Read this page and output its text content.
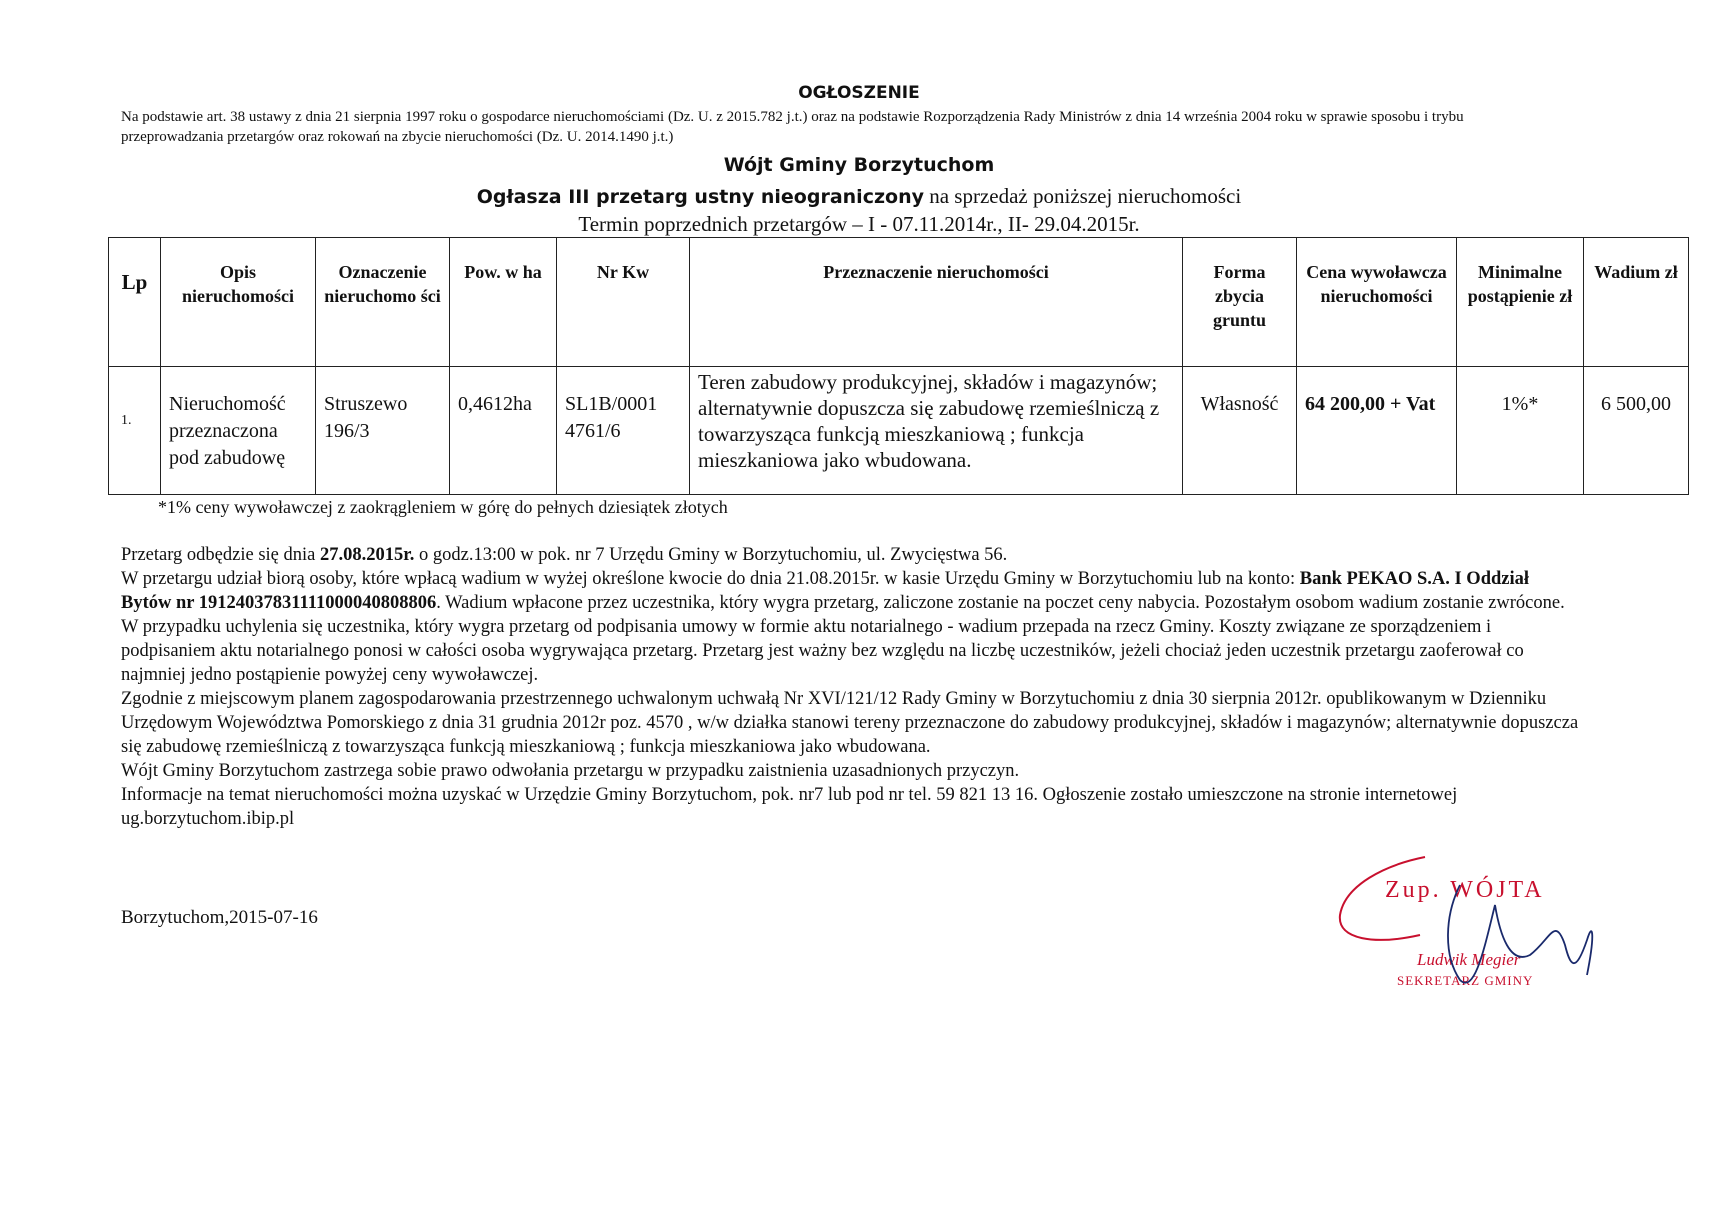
OGŁOSZENIE
Na podstawie art. 38 ustawy z dnia 21 sierpnia 1997 roku o gospodarce nieruchomościami (Dz. U. z 2015.782 j.t.) oraz na podstawie Rozporządzenia Rady Ministrów z dnia 14 września 2004 roku w sprawie sposobu i trybu przeprowadzania przetargów oraz rokowań na zbycie nieruchomości (Dz. U. 2014.1490 j.t.)
Wójt Gminy Borzytuchom
Ogłasza III przetarg ustny nieograniczony na sprzedaż poniższej nieruchomości
Termin poprzednich przetargów – I - 07.11.2014r., II- 29.04.2015r.
Lp	Opis nieruchomości	Oznaczenie nieruchomo ści	Pow. w ha	Nr Kw	Przeznaczenie nieruchomości	Forma zbycia gruntu	Cena wywoławcza nieruchomości	Minimalne postąpienie zł	Wadium zł
1.	Nieruchomość przeznaczona pod zabudowę	Struszewo 196/3	0,4612ha	SL1B/0001 4761/6	Teren zabudowy produkcyjnej, składów i magazynów; alternatywnie dopuszcza się zabudowę rzemieślniczą z towarzysząca funkcją mieszkaniową ; funkcja mieszkaniowa jako wbudowana.	Własność	64 200,00 + Vat	1%*	6 500,00
*1% ceny wywoławczej z zaokrągleniem w górę do pełnych dziesiątek złotych

Przetarg odbędzie się dnia 27.08.2015r. o godz.13:00 w pok. nr 7 Urzędu Gminy w Borzytuchomiu, ul. Zwycięstwa 56.

W przetargu udział biorą osoby, które wpłacą wadium w wyżej określone kwocie do dnia 21.08.2015r. w kasie Urzędu Gminy w Borzytuchomiu lub na konto: Bank PEKAO S.A. I Oddział Bytów nr 19124037831111000040808806. Wadium wpłacone przez uczestnika, który wygra przetarg, zaliczone zostanie na poczet ceny nabycia. Pozostałym osobom wadium zostanie zwrócone. W przypadku uchylenia się uczestnika, który wygra przetarg od podpisania umowy w formie aktu notarialnego - wadium przepada na rzecz Gminy. Koszty związane ze sporządzeniem i podpisaniem aktu notarialnego ponosi w całości osoba wygrywająca przetarg. Przetarg jest ważny bez względu na liczbę uczestników, jeżeli chociaż jeden uczestnik przetargu zaoferował co najmniej jedno postąpienie powyżej ceny wywoławczej.

Zgodnie z miejscowym planem zagospodarowania przestrzennego uchwalonym uchwałą Nr XVI/121/12 Rady Gminy w Borzytuchomiu z dnia 30 sierpnia 2012r. opublikowanym w Dzienniku Urzędowym Województwa Pomorskiego z dnia 31 grudnia 2012r poz. 4570 , w/w działka stanowi tereny przeznaczone do zabudowy produkcyjnej, składów i magazynów; alternatywnie dopuszcza się zabudowę rzemieślniczą z towarzysząca funkcją mieszkaniową ; funkcja mieszkaniowa jako wbudowana.

Wójt Gminy Borzytuchom zastrzega sobie prawo odwołania przetargu w przypadku zaistnienia uzasadnionych przyczyn.

Informacje na temat nieruchomości można uzyskać w Urzędzie Gminy Borzytuchom, pok. nr7 lub pod nr tel. 59 821 13 16. Ogłoszenie zostało umieszczone na stronie internetowej ug.borzytuchom.ibip.pl

Borzytuchom,2015-07-16
Zup. WÓJTA
Ludwik Megier
SEKRETARZ GMINY
